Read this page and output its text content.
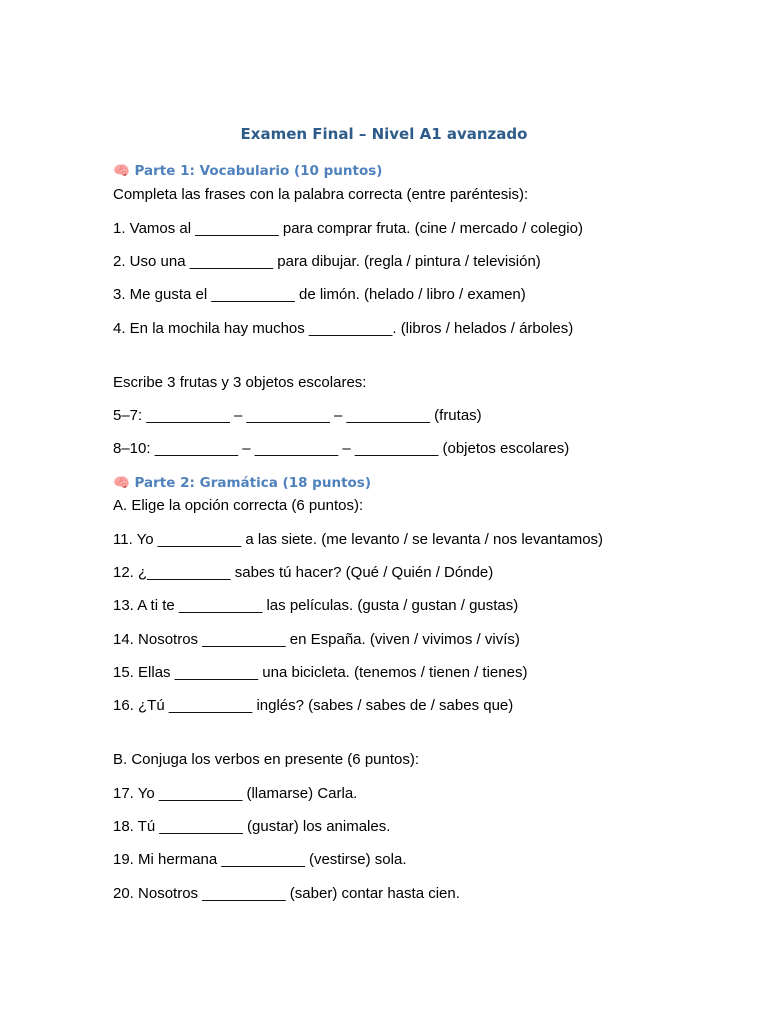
Examen Final – Nivel A1 avanzado
🧠 Parte 1: Vocabulario (10 puntos)
Completa las frases con la palabra correcta (entre paréntesis):
1. Vamos al __________ para comprar fruta. (cine / mercado / colegio)
2. Uso una __________ para dibujar. (regla / pintura / televisión)
3. Me gusta el __________ de limón. (helado / libro / examen)
4. En la mochila hay muchos __________. (libros / helados / árboles)
Escribe 3 frutas y 3 objetos escolares:
5–7: __________ – __________ – __________ (frutas)
8–10: __________ – __________ – __________ (objetos escolares)
🧠 Parte 2: Gramática (18 puntos)
A. Elige la opción correcta (6 puntos):
11. Yo __________ a las siete. (me levanto / se levanta / nos levantamos)
12. ¿__________ sabes tú hacer? (Qué / Quién / Dónde)
13. A ti te __________ las películas. (gusta / gustan / gustas)
14. Nosotros __________ en España. (viven / vivimos / vivís)
15. Ellas __________ una bicicleta. (tenemos / tienen / tienes)
16. ¿Tú __________ inglés? (sabes / sabes de / sabes que)
B. Conjuga los verbos en presente (6 puntos):
17. Yo __________ (llamarse) Carla.
18. Tú __________ (gustar) los animales.
19. Mi hermana __________ (vestirse) sola.
20. Nosotros __________ (saber) contar hasta cien.
